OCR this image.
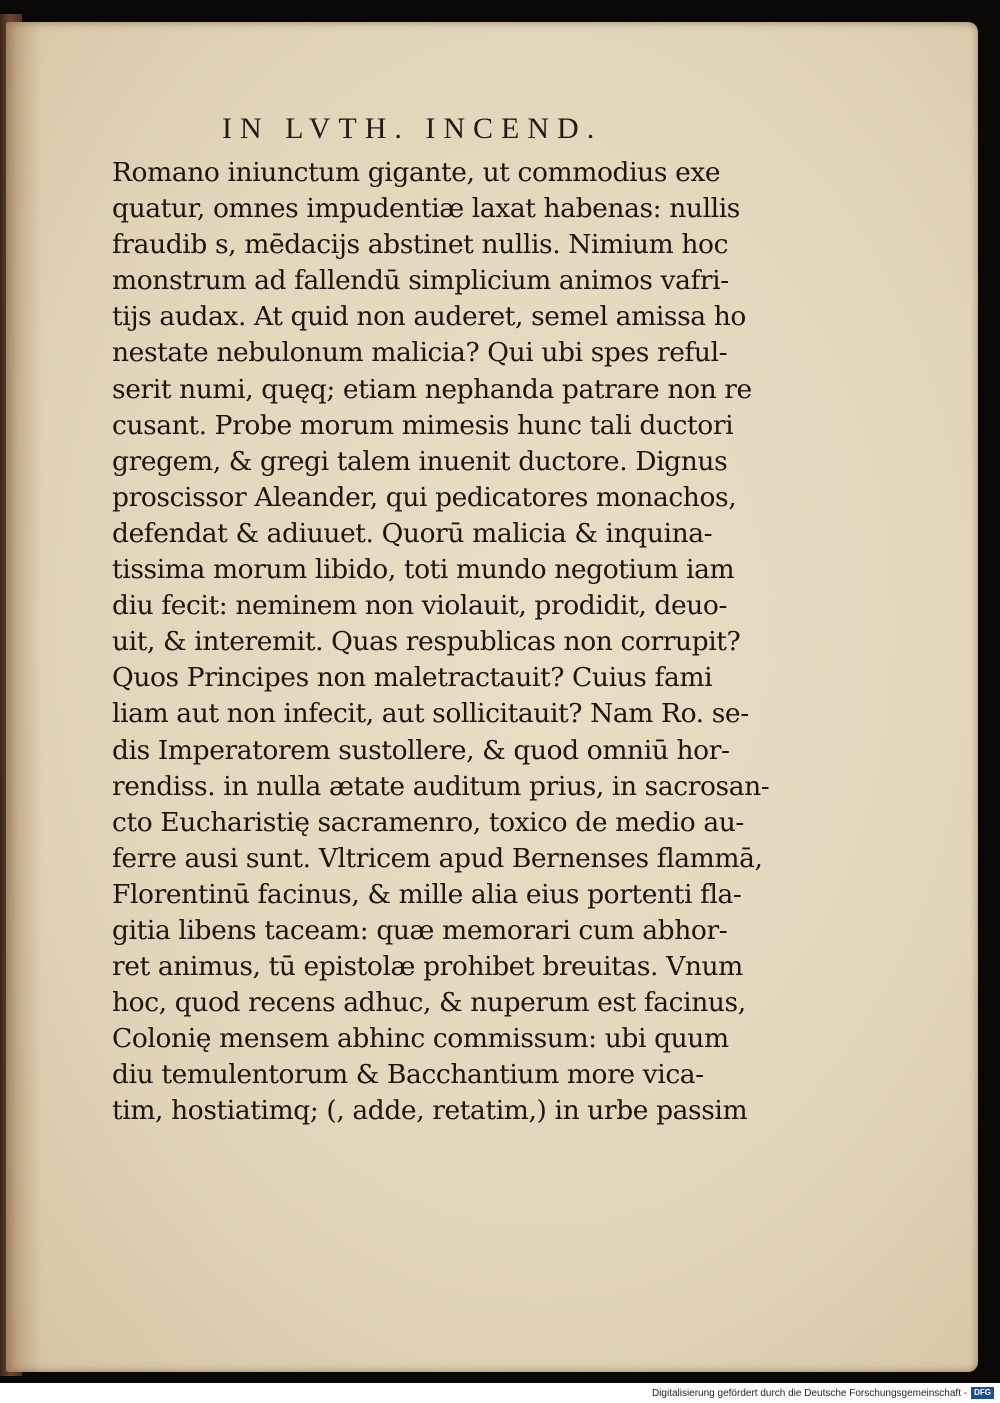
IN LVTH. INCEND.
Romano iniunctum gigante, ut commodius exe
quatur, omnes impudentiæ laxat habenas: nullis
fraudib s, mēdacijs abstinet nullis. Nimium hoc
monstrum ad fallendū simplicium animos vafri-
tijs audax. At quid non auderet, semel amissa ho
nestate nebulonum malicia? Qui ubi spes reful-
serit numi, quęq; etiam nephanda patrare non re
cusant. Probe morum mimesis hunc tali ductori
gregem, & gregi talem inuenit ductore. Dignus
proscissor Aleander, qui pedicatores monachos,
defendat & adiuuet. Quorū malicia & inquina-
tissima morum libido, toti mundo negotium iam
diu fecit: neminem non violauit, prodidit, deuo-
uit, & interemit. Quas respublicas non corrupit?
Quos Principes non maletractauit? Cuius fami
liam aut non infecit, aut sollicitauit? Nam Ro. se-
dis Imperatorem sustollere, & quod omniū hor-
rendiss. in nulla ætate auditum prius, in sacrosan-
cto Eucharistię sacramenro, toxico de medio au-
ferre ausi sunt. Vltricem apud Bernenses flammā,
Florentinū facinus, & mille alia eius portenti fla-
gitia libens taceam: quæ memorari cum abhor-
ret animus, tū epistolæ prohibet breuitas. Vnum
hoc, quod recens adhuc, & nuperum est facinus,
Colonię mensem abhinc commissum: ubi quum
diu temulentorum & Bacchantium more vica-
tim, hostiatimq; (, adde, retatim,) in urbe passim
Digitalisierung gefördert durch die Deutsche Forschungsgemeinschaft - DFG
